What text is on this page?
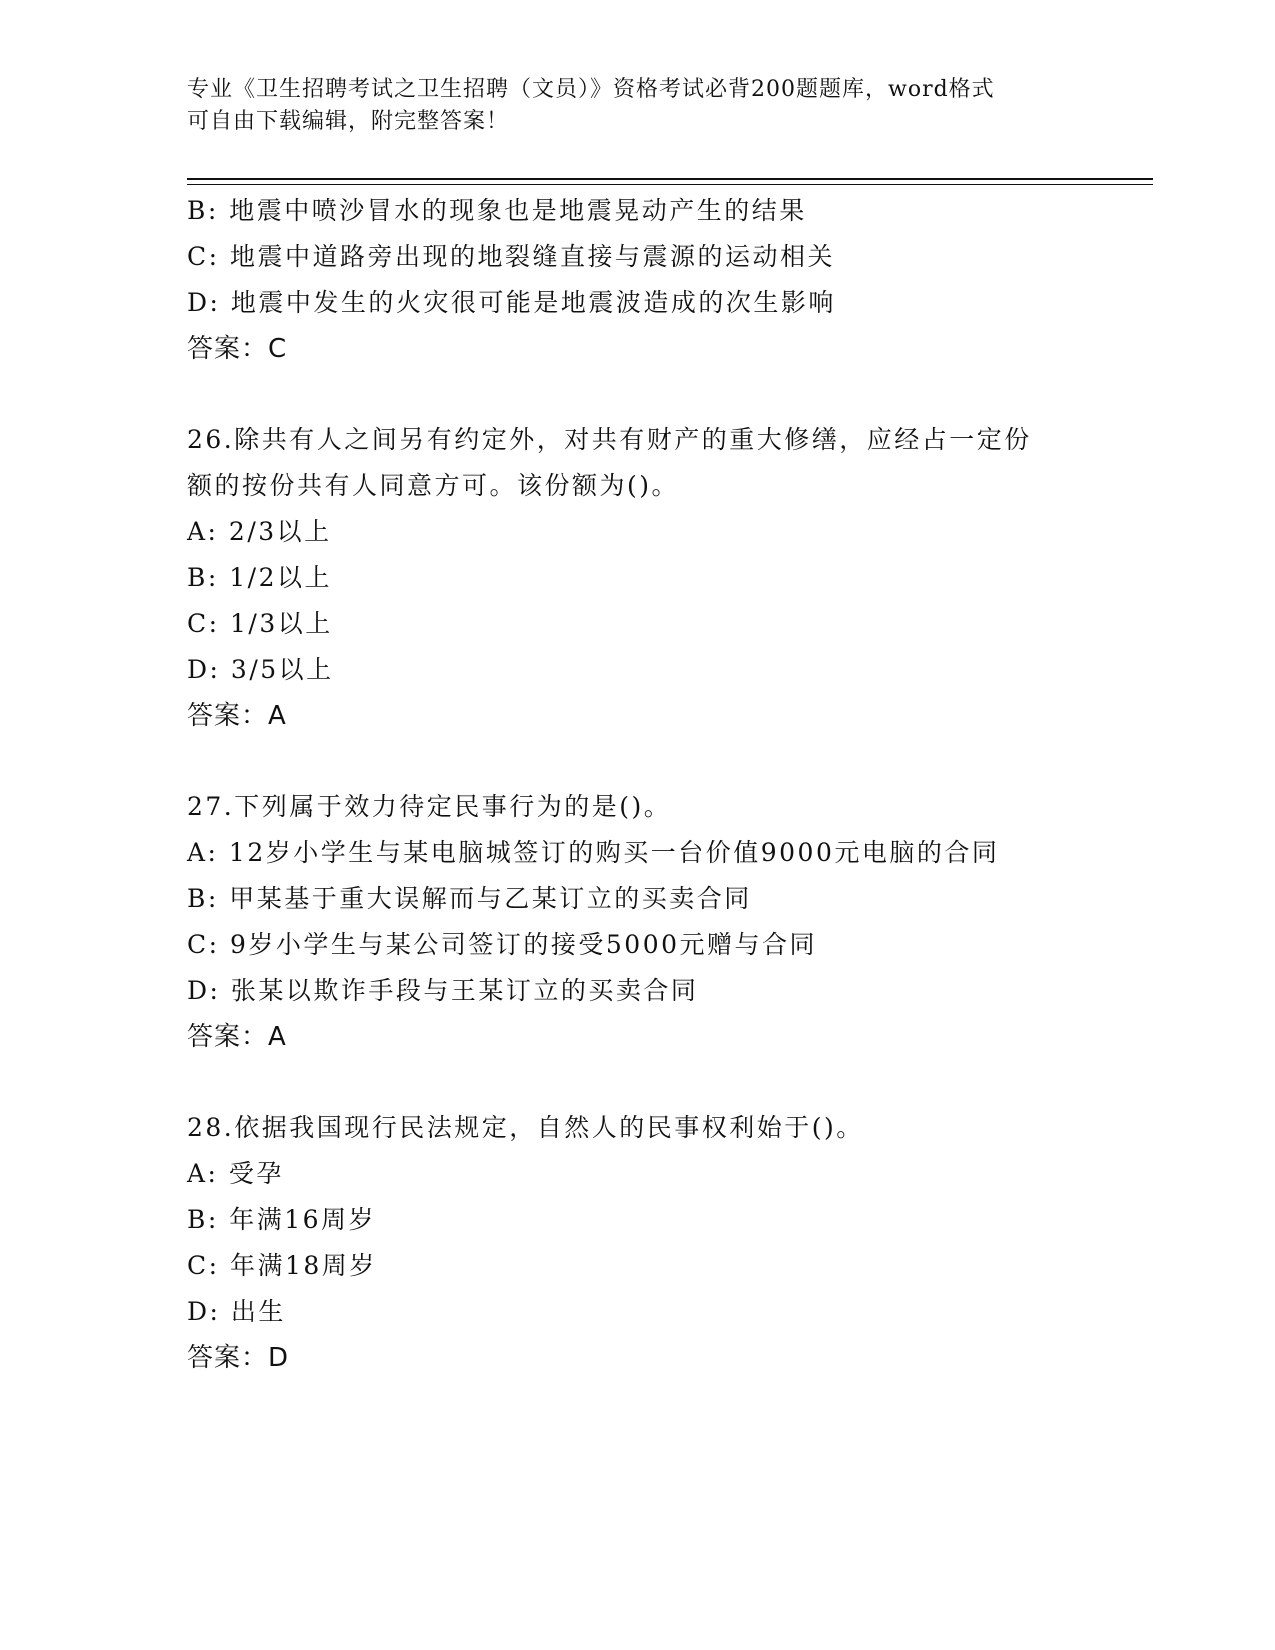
专业《卫生招聘考试之卫生招聘（文员）》资格考试必背200题题库，word格式
可自由下载编辑，附完整答案！
B: 地震中喷沙冒水的现象也是地震晃动产生的结果
C: 地震中道路旁出现的地裂缝直接与震源的运动相关
D: 地震中发生的火灾很可能是地震波造成的次生影响
答案：C
26.除共有人之间另有约定外，对共有财产的重大修缮，应经占一定份
额的按份共有人同意方可。该份额为()。
A: 2/3以上
B: 1/2以上
C: 1/3以上
D: 3/5以上
答案：A
27.下列属于效力待定民事行为的是()。
A: 12岁小学生与某电脑城签订的购买一台价值9000元电脑的合同
B: 甲某基于重大误解而与乙某订立的买卖合同
C: 9岁小学生与某公司签订的接受5000元赠与合同
D: 张某以欺诈手段与王某订立的买卖合同
答案：A
28.依据我国现行民法规定，自然人的民事权利始于()。
A: 受孕
B: 年满16周岁
C: 年满18周岁
D: 出生
答案：D
